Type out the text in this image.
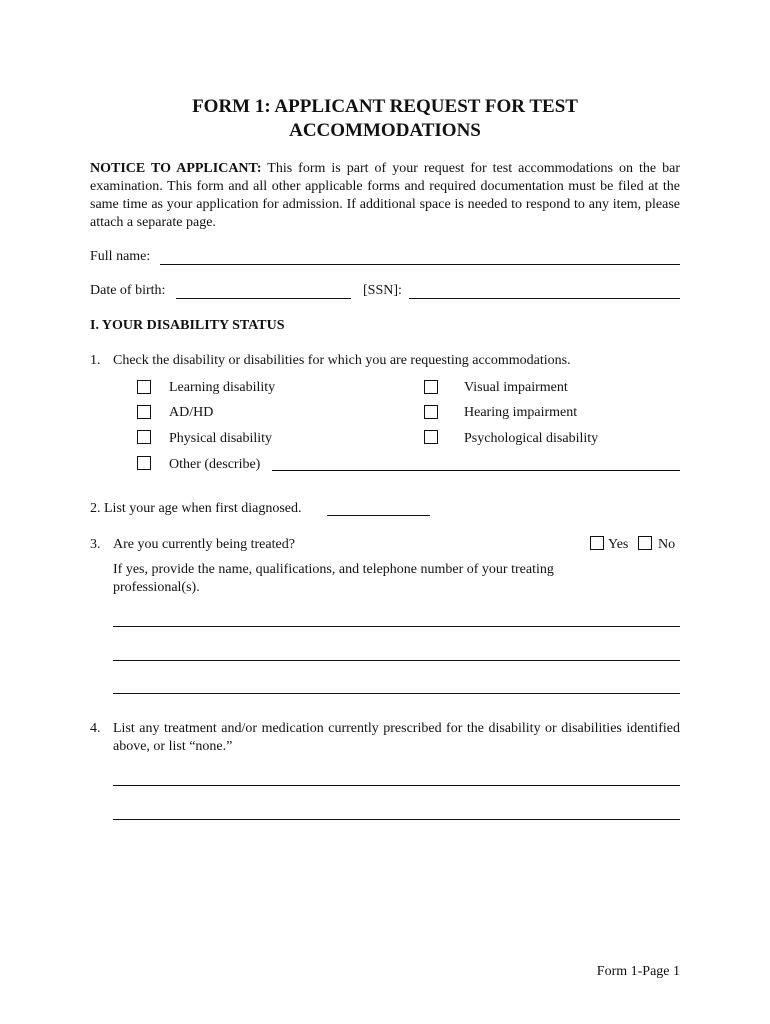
FORM 1: APPLICANT REQUEST FOR TEST
ACCOMMODATIONS
NOTICE TO APPLICANT: This form is part of your request for test accommodations on the bar examination. This form and all other applicable forms and required documentation must be filed at the same time as your application for admission. If additional space is needed to respond to any item, please attach a separate page.
Full name:
Date of birth:	[SSN]:
I. YOUR DISABILITY STATUS
1. Check the disability or disabilities for which you are requesting accommodations.
Learning disability
AD/HD
Physical disability
Visual impairment
Hearing impairment
Psychological disability
Other (describe)
2. List your age when first diagnosed.
3. Are you currently being treated?	Yes No
If yes, provide the name, qualifications, and telephone number of your treating professional(s).
4. List any treatment and/or medication currently prescribed for the disability or disabilities identified above, or list “none.”
Form 1-Page 1
